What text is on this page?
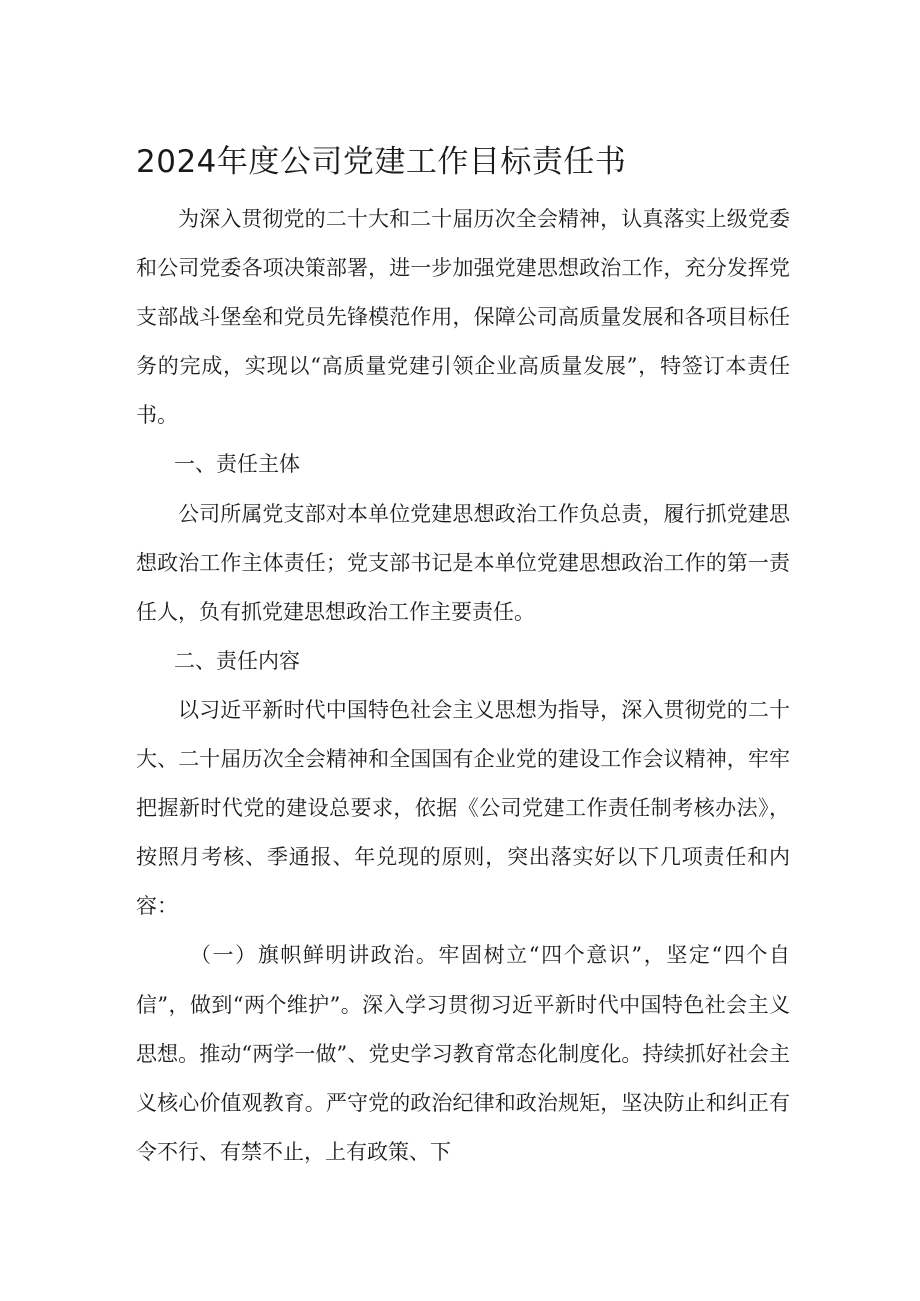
2024年度公司党建工作目标责任书

为深入贯彻党的二十大和二十届历次全会精神，认真落实上级党委和公司党委各项决策部署，进一步加强党建思想政治工作，充分发挥党支部战斗堡垒和党员先锋模范作用，保障公司高质量发展和各项目标任务的完成，实现以“高质量党建引领企业高质量发展”，特签订本责任书。

一、责任主体

公司所属党支部对本单位党建思想政治工作负总责，履行抓党建思想政治工作主体责任；党支部书记是本单位党建思想政治工作的第一责任人，负有抓党建思想政治工作主要责任。

二、责任内容

以习近平新时代中国特色社会主义思想为指导，深入贯彻党的二十大、二十届历次全会精神和全国国有企业党的建设工作会议精神，牢牢把握新时代党的建设总要求，依据《公司党建工作责任制考核办法》，按照月考核、季通报、年兑现的原则，突出落实好以下几项责任和内容：

（一）旗帜鲜明讲政治。牢固树立“四个意识”，坚定“四个自信”，做到“两个维护”。深入学习贯彻习近平新时代中国特色社会主义思想。推动“两学一做”、党史学习教育常态化制度化。持续抓好社会主义核心价值观教育。严守党的政治纪律和政治规矩，坚决防止和纠正有令不行、有禁不止，上有政策、下
